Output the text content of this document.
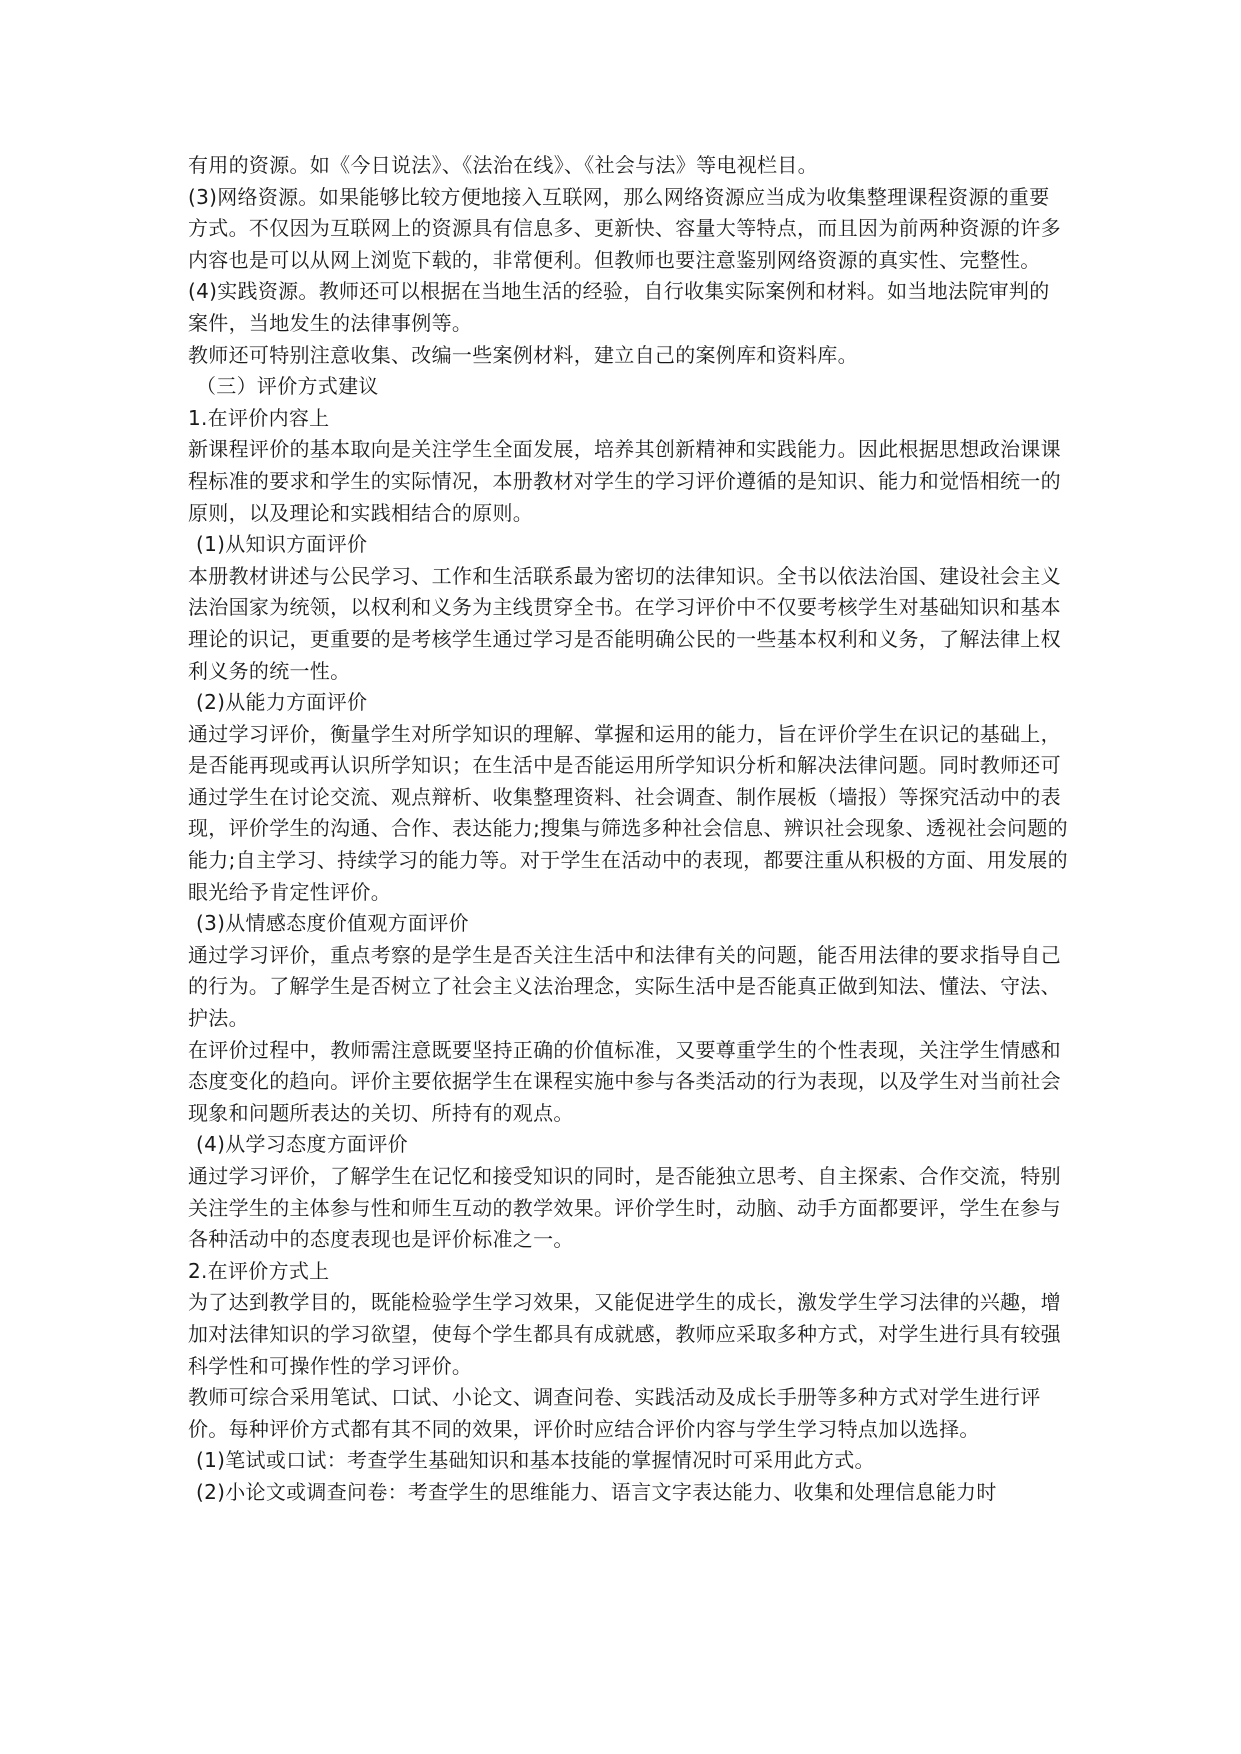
有用的资源。如《今日说法》、《法治在线》、《社会与法》等电视栏目。

(3)网络资源。如果能够比较方便地接入互联网，那么网络资源应当成为收集整理课程资源的重要方式。不仅因为互联网上的资源具有信息多、更新快、容量大等特点，而且因为前两种资源的许多内容也是可以从网上浏览下载的，非常便利。但教师也要注意鉴别网络资源的真实性、完整性。

(4)实践资源。教师还可以根据在当地生活的经验，自行收集实际案例和材料。如当地法院审判的案件，当地发生的法律事例等。

教师还可特别注意收集、改编一些案例材料，建立自己的案例库和资料库。

（三）评价方式建议

1.在评价内容上

新课程评价的基本取向是关注学生全面发展，培养其创新精神和实践能力。因此根据思想政治课课程标准的要求和学生的实际情况，本册教材对学生的学习评价遵循的是知识、能力和觉悟相统一的原则，以及理论和实践相结合的原则。

(1)从知识方面评价

本册教材讲述与公民学习、工作和生活联系最为密切的法律知识。全书以依法治国、建设社会主义法治国家为统领，以权利和义务为主线贯穿全书。在学习评价中不仅要考核学生对基础知识和基本理论的识记，更重要的是考核学生通过学习是否能明确公民的一些基本权利和义务，了解法律上权利义务的统一性。

(2)从能力方面评价

通过学习评价，衡量学生对所学知识的理解、掌握和运用的能力，旨在评价学生在识记的基础上，是否能再现或再认识所学知识；在生活中是否能运用所学知识分析和解决法律问题。同时教师还可通过学生在讨论交流、观点辩析、收集整理资料、社会调查、制作展板（墙报）等探究活动中的表现，评价学生的沟通、合作、表达能力;搜集与筛选多种社会信息、辨识社会现象、透视社会问题的能力;自主学习、持续学习的能力等。对于学生在活动中的表现，都要注重从积极的方面、用发展的眼光给予肯定性评价。

(3)从情感态度价值观方面评价

通过学习评价，重点考察的是学生是否关注生活中和法律有关的问题，能否用法律的要求指导自己的行为。了解学生是否树立了社会主义法治理念，实际生活中是否能真正做到知法、懂法、守法、护法。

在评价过程中，教师需注意既要坚持正确的价值标准，又要尊重学生的个性表现，关注学生情感和态度变化的趋向。评价主要依据学生在课程实施中参与各类活动的行为表现，以及学生对当前社会现象和问题所表达的关切、所持有的观点。

(4)从学习态度方面评价

通过学习评价，了解学生在记忆和接受知识的同时，是否能独立思考、自主探索、合作交流，特别关注学生的主体参与性和师生互动的教学效果。评价学生时，动脑、动手方面都要评，学生在参与各种活动中的态度表现也是评价标准之一。

2.在评价方式上

为了达到教学目的，既能检验学生学习效果，又能促进学生的成长，激发学生学习法律的兴趣，增加对法律知识的学习欲望，使每个学生都具有成就感，教师应采取多种方式，对学生进行具有较强科学性和可操作性的学习评价。

教师可综合采用笔试、口试、小论文、调查问卷、实践活动及成长手册等多种方式对学生进行评价。每种评价方式都有其不同的效果，评价时应结合评价内容与学生学习特点加以选择。

(1)笔试或口试：考查学生基础知识和基本技能的掌握情况时可采用此方式。

(2)小论文或调查问卷：考查学生的思维能力、语言文字表达能力、收集和处理信息能力时
